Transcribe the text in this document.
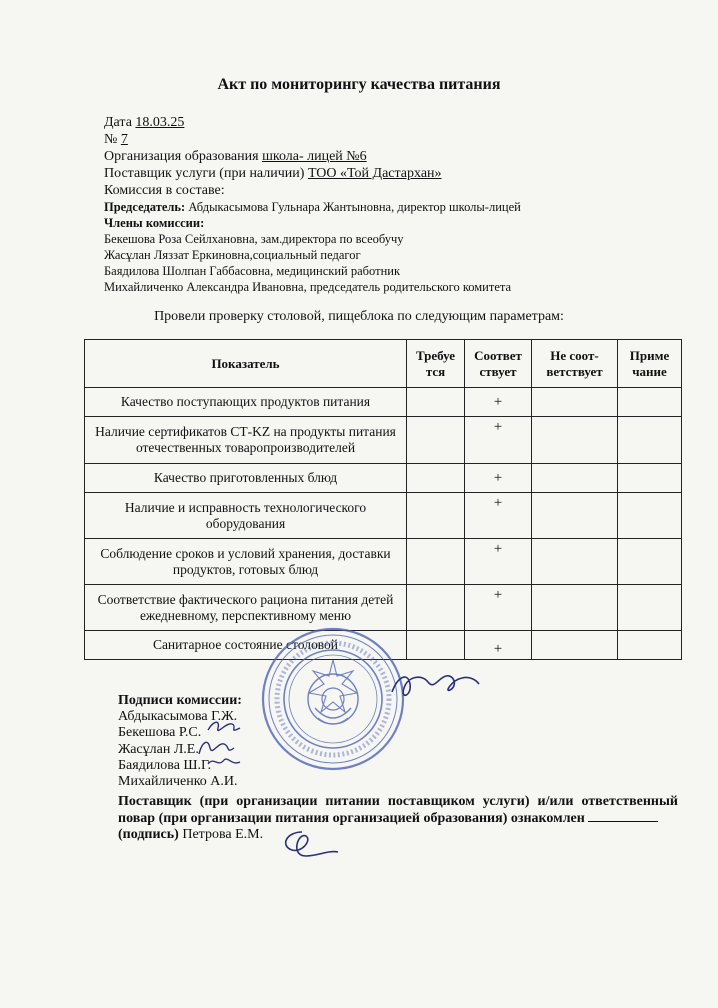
Акт по мониторингу качества питания
Дата 18.03.25
№ 7
Организация образования школа- лицей №6
Поставщик услуги (при наличии) ТОО «Той Дастархан»
Комиссия в составе:
Председатель: Абдыкасымова Гульнара Жантыновна, директор школы-лицей
Члены комиссии:
Бекешова Роза Сейлхановна, зам.директора по всеобучу
Жасұлан Ляззат Еркиновна,социальный педагог
Баядилова Шолпан Габбасовна, медицинский работник
Михайличенко Александра Ивановна, председатель родительского комитета
Провели проверку столовой, пищеблока по следующим параметрам:
Показатель	Требуе тся	Соответ ствует	Не соот- ветствует	Приме чание
Качество поступающих продуктов питания		+		
Наличие сертификатов СТ-KZ на продукты питания отечественных товаропроизводителей		+		
Качество приготовленных блюд		+		
Наличие и исправность технологического оборудования		+		
Соблюдение сроков и условий хранения, доставки продуктов, готовых блюд		+		
Соответствие фактического рациона питания детей ежедневному, перспективному меню		+		
Санитарное состояние столовой		+		
Подписи комиссии:
Абдыкасымова Г.Ж.
Бекешова Р.С.
Жасұлан Л.Е.
Баядилова Ш.Г.
Михайличенко А.И.
Поставщик (при организации питании поставщиком услуги) и/или ответственный повар (при организации питания организацией образования) ознакомлен
(подпись) Петрова Е.М.
